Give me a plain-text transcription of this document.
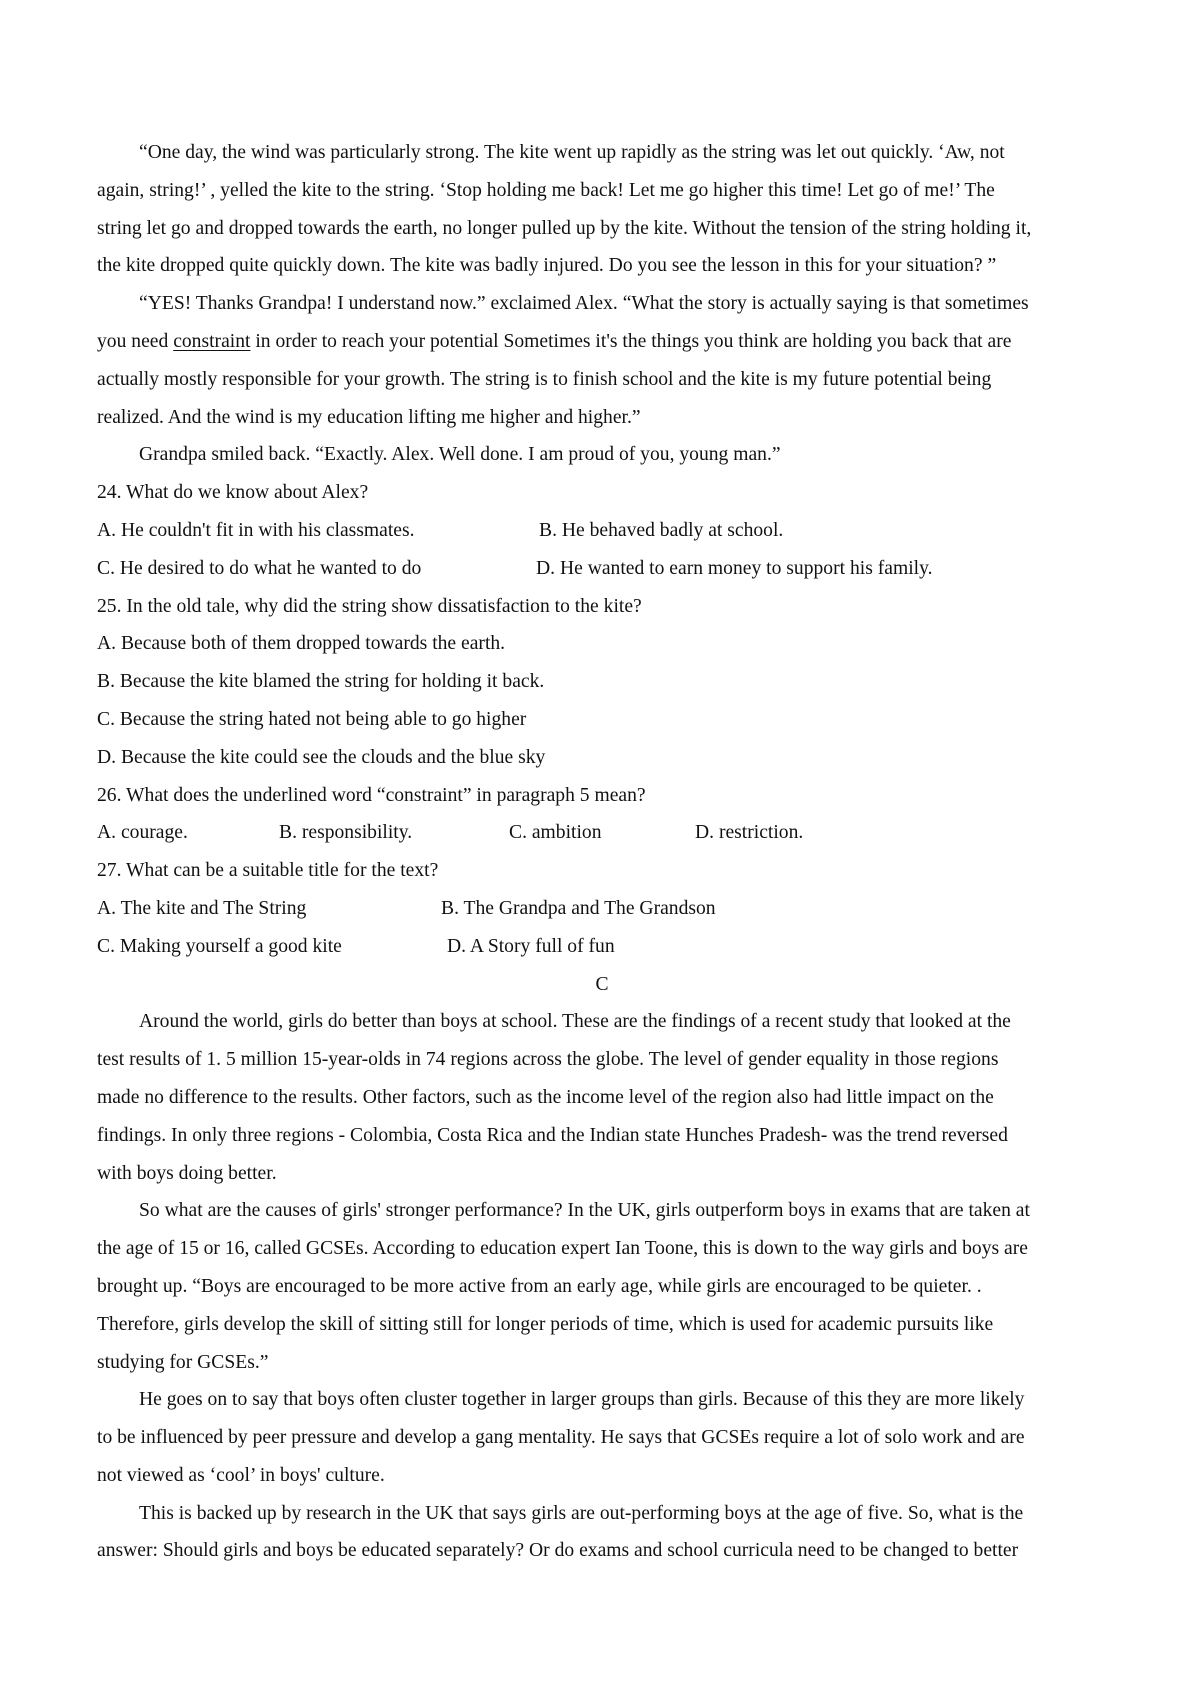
“One day, the wind was particularly strong. The kite went up rapidly as the string was let out quickly. ‘Aw, not
again, string!’ , yelled the kite to the string. ‘Stop holding me back! Let me go higher this time! Let go of me!’ The
string let go and dropped towards the earth, no longer pulled up by the kite. Without the tension of the string holding it,
the kite dropped quite quickly down. The kite was badly injured. Do you see the lesson in this for your situation? ”
“YES! Thanks Grandpa! I understand now.” exclaimed Alex. “What the story is actually saying is that sometimes
you need constraint in order to reach your potential Sometimes it's the things you think are holding you back that are
actually mostly responsible for your growth. The string is to finish school and the kite is my future potential being
realized. And the wind is my education lifting me higher and higher.”
Grandpa smiled back. “Exactly. Alex. Well done. I am proud of you, young man.”
24. What do we know about Alex?
A. He couldn't fit in with his classmates.	B. He behaved badly at school.
C. He desired to do what he wanted to do	D. He wanted to earn money to support his family.
25. In the old tale, why did the string show dissatisfaction to the kite?
A. Because both of them dropped towards the earth.
B. Because the kite blamed the string for holding it back.
C. Because the string hated not being able to go higher
D. Because the kite could see the clouds and the blue sky
26. What does the underlined word “constraint” in paragraph 5 mean?
A. courage.	B. responsibility.	C. ambition	D. restriction.
27. What can be a suitable title for the text?
A. The kite and The String	B. The Grandpa and The Grandson
C. Making yourself a good kite	D. A Story full of fun
C
Around the world, girls do better than boys at school. These are the findings of a recent study that looked at the
test results of 1. 5 million 15-year-olds in 74 regions across the globe. The level of gender equality in those regions
made no difference to the results. Other factors, such as the income level of the region also had little impact on the
findings. In only three regions - Colombia, Costa Rica and the Indian state Hunches Pradesh- was the trend reversed
with boys doing better.
So what are the causes of girls' stronger performance? In the UK, girls outperform boys in exams that are taken at
the age of 15 or 16, called GCSEs. According to education expert Ian Toone, this is down to the way girls and boys are
brought up. “Boys are encouraged to be more active from an early age, while girls are encouraged to be quieter. .
Therefore, girls develop the skill of sitting still for longer periods of time, which is used for academic pursuits like
studying for GCSEs.”
He goes on to say that boys often cluster together in larger groups than girls. Because of this they are more likely
to be influenced by peer pressure and develop a gang mentality. He says that GCSEs require a lot of solo work and are
not viewed as ‘cool’ in boys' culture.
This is backed up by research in the UK that says girls are out-performing boys at the age of five. So, what is the
answer: Should girls and boys be educated separately? Or do exams and school curricula need to be changed to better
